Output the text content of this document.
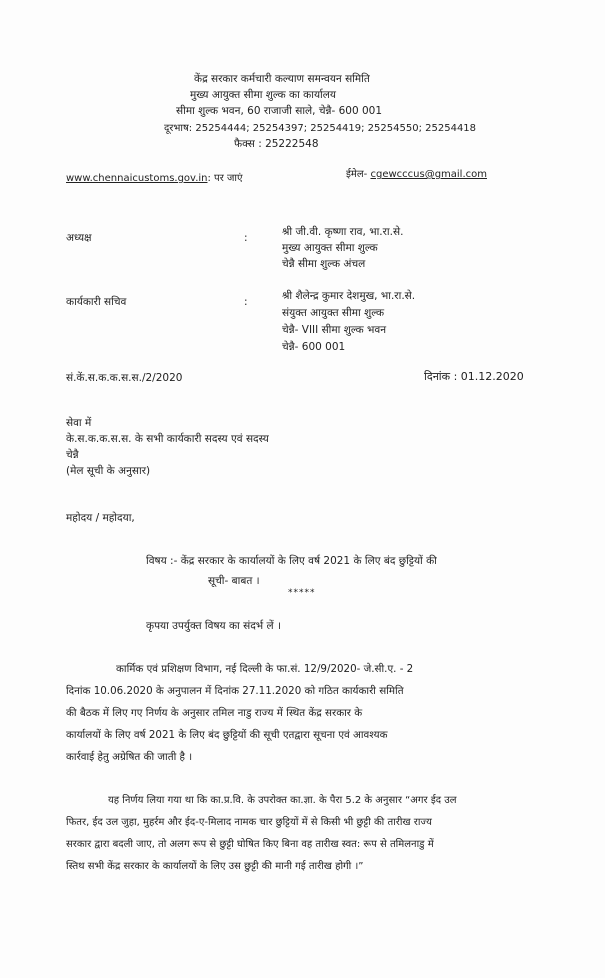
केंद्र सरकार कर्मचारी कल्याण समन्वयन समिति
मुख्य आयुक्त सीमा शुल्क का कार्यालय
सीमा शुल्क भवन, 60 राजाजी साले, चेन्नै- 600 001
दूरभाष: 25254444; 25254397; 25254419; 25254550; 25254418
फैक्स : 25222548
www.chennaicustoms.gov.in: पर जाएं	ईमेल- cgewcccus@gmail.com
अध्यक्ष	:	श्री जी.वी. कृष्णा राव, भा.रा.से.
मुख्य आयुक्त सीमा शुल्क
चेन्नै सीमा शुल्क अंचल
कार्यकारी सचिव	:	श्री शैलेन्द्र कुमार देशमुख, भा.रा.से.
संयुक्त आयुक्त सीमा शुल्क
चेन्नै- VIII सीमा शुल्क भवन
चेन्नै- 600 001
सं.कें.स.क.क.स.स./2/2020	दिनांक : 01.12.2020
सेवा में
के.स.क.क.स.स. के सभी कार्यकारी सदस्य एवं सदस्य
चेन्नै
(मेल सूची के अनुसार)
महोदय / महोदया,
विषय :- केंद्र सरकार के कार्यालयों के लिए वर्ष 2021 के लिए बंद छुट्टियों की
सूची- बाबत ।
*****
कृपया उपर्युक्त विषय का संदर्भ लें ।
कार्मिक एवं प्रशिक्षण विभाग, नई दिल्ली के फा.सं. 12/9/2020- जे.सी.ए. - 2
दिनांक 10.06.2020 के अनुपालन में दिनांक 27.11.2020 को गठित कार्यकारी समिति
की बैठक में लिए गए निर्णय के अनुसार तमिल नाडु राज्य में स्थित केंद्र सरकार के
कार्यालयों के लिए वर्ष 2021 के लिए बंद छुट्टियों की सूची एतद्वारा सूचना एवं आवश्यक
कार्रवाई हेतु अग्रेषित की जाती है ।
यह निर्णय लिया गया था कि का.प्र.वि. के उपरोक्त का.ज्ञा. के पैरा 5.2 के अनुसार “अगर ईद उल
फितर, ईद उल जुहा, मुहर्रम और ईद-ए-मिलाद नामक चार छुट्टियों में से किसी भी छुट्टी की तारीख राज्य
सरकार द्वारा बदली जाए, तो अलग रूप से छुट्टी घोषित किए बिना वह तारीख स्वत: रूप से तमिलनाडु में
स्तिथ सभी केंद्र सरकार के कार्यालयों के लिए उस छुट्टी की मानी गई तारीख होगी ।”
